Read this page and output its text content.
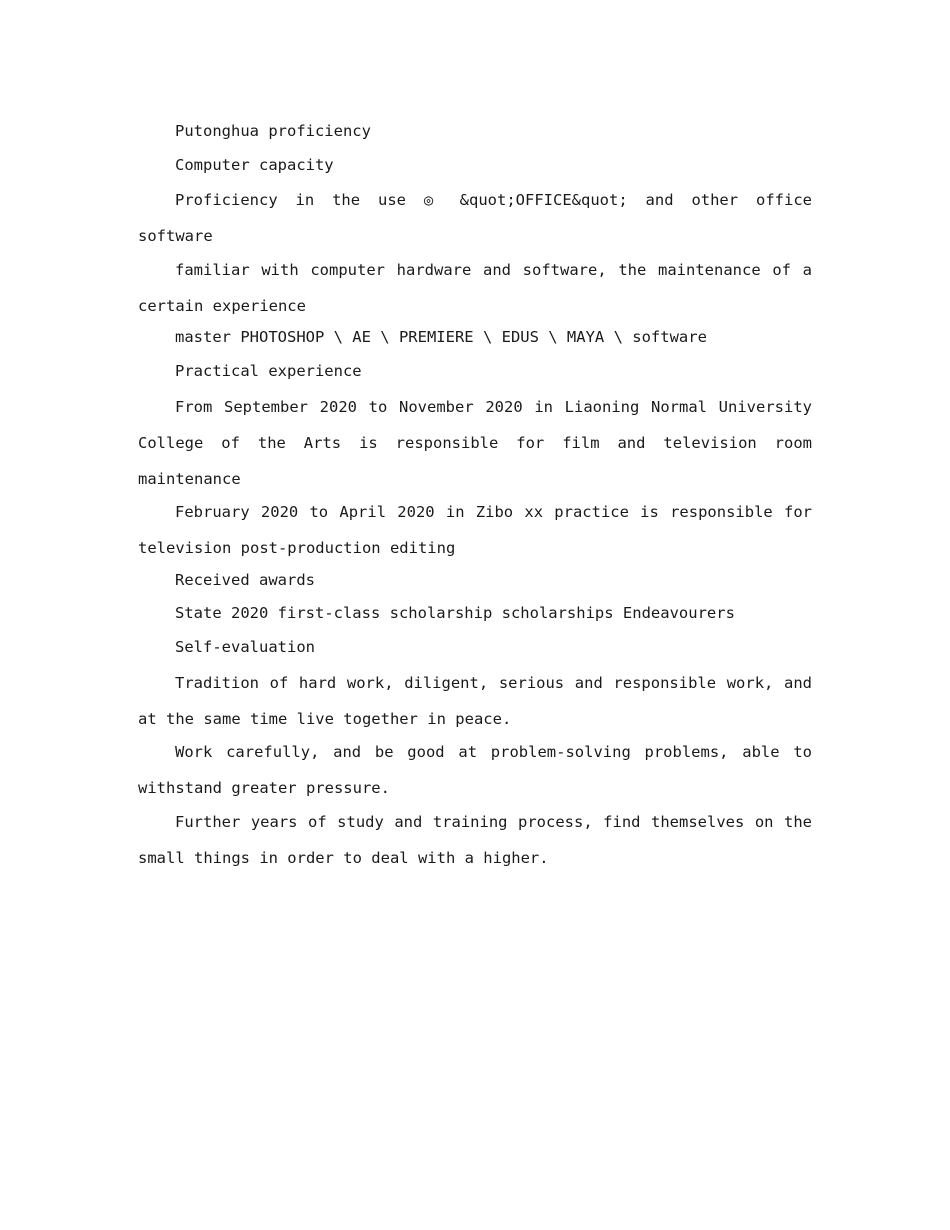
Putonghua proficiency

Computer capacity

Proficiency in the use ◎ &quot;OFFICE&quot; and other office software

familiar with computer hardware and software, the maintenance of a certain experience

master PHOTOSHOP \ AE \ PREMIERE \ EDUS \ MAYA \ software

Practical experience

From September 2020 to November 2020 in Liaoning Normal University College of the Arts is responsible for film and television room maintenance

February 2020 to April 2020 in Zibo xx practice is responsible for television post-production editing

Received awards

State 2020 first-class scholarship scholarships Endeavourers

Self-evaluation

Tradition of hard work, diligent, serious and responsible work, and at the same time live together in peace.

Work carefully, and be good at problem-solving problems, able to withstand greater pressure.

Further years of study and training process, find themselves on the small things in order to deal with a higher.
